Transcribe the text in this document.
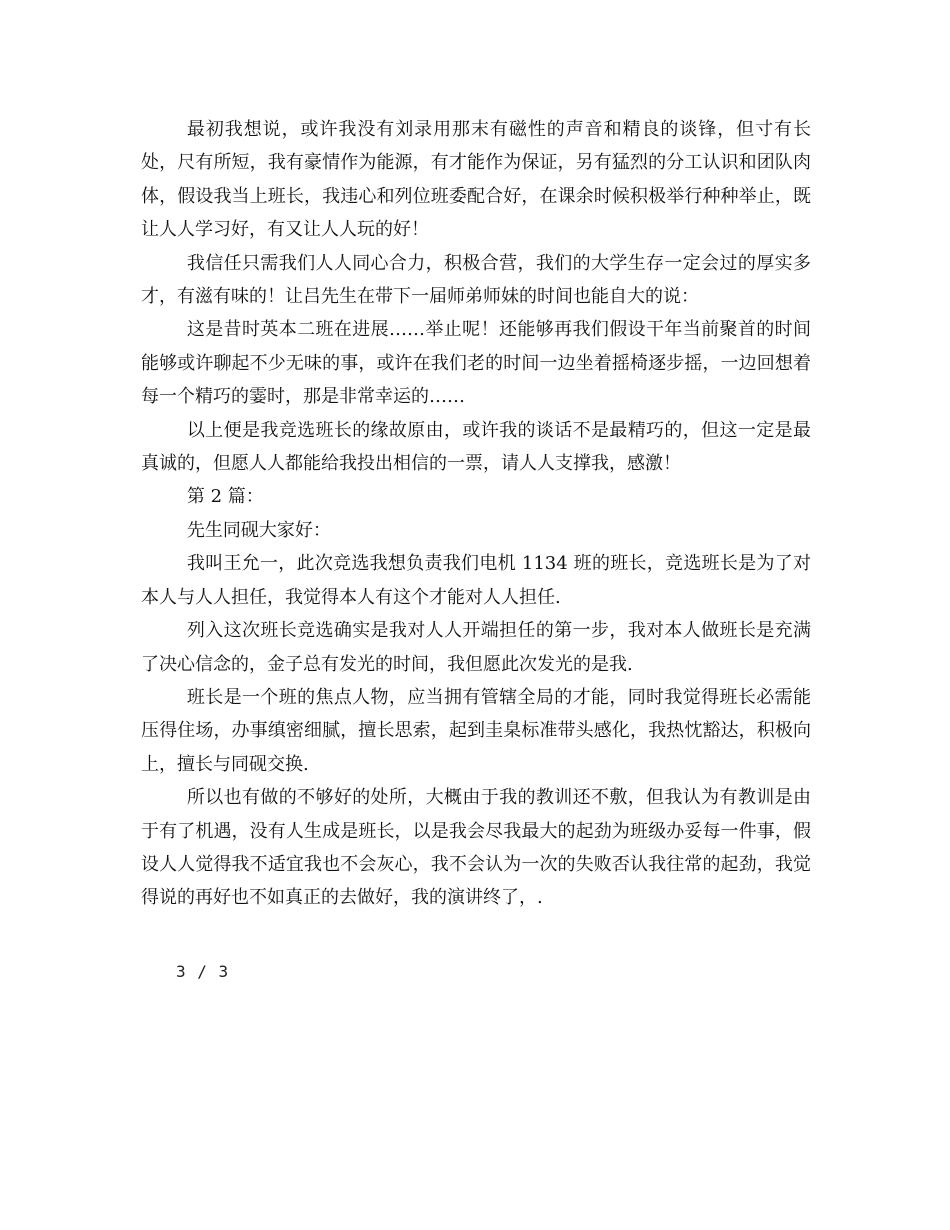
最初我想说，或许我没有刘录用那末有磁性的声音和精良的谈锋，但寸有长处，尺有所短，我有豪情作为能源，有才能作为保证，另有猛烈的分工认识和团队肉体，假设我当上班长，我违心和列位班委配合好，在课余时候积极举行种种举止，既让人人学习好，有又让人人玩的好！

我信任只需我们人人同心合力，积极合营，我们的大学生存一定会过的厚实多才，有滋有味的！让吕先生在带下一届师弟师妹的时间也能自大的说：

这是昔时英本二班在进展……举止呢！还能够再我们假设干年当前聚首的时间能够或许聊起不少无味的事，或许在我们老的时间一边坐着摇椅逐步摇，一边回想着每一个精巧的霎时，那是非常幸运的……

以上便是我竞选班长的缘故原由，或许我的谈话不是最精巧的，但这一定是最真诚的，但愿人人都能给我投出相信的一票，请人人支撑我，感激！

第 2 篇：

先生同砚大家好：

我叫王允一，此次竞选我想负责我们电机 1134 班的班长，竞选班长是为了对本人与人人担任，我觉得本人有这个才能对人人担任.

列入这次班长竞选确实是我对人人开端担任的第一步，我对本人做班长是充满了决心信念的，金子总有发光的时间，我但愿此次发光的是我.

班长是一个班的焦点人物，应当拥有管辖全局的才能，同时我觉得班长必需能压得住场，办事缜密细腻，擅长思索，起到圭臬标准带头感化，我热忱豁达，积极向上，擅长与同砚交换.

所以也有做的不够好的处所，大概由于我的教训还不敷，但我认为有教训是由于有了机遇，没有人生成是班长，以是我会尽我最大的起劲为班级办妥每一件事，假设人人觉得我不适宜我也不会灰心，我不会认为一次的失败否认我往常的起劲，我觉得说的再好也不如真正的去做好，我的演讲终了，.

3 / 3
